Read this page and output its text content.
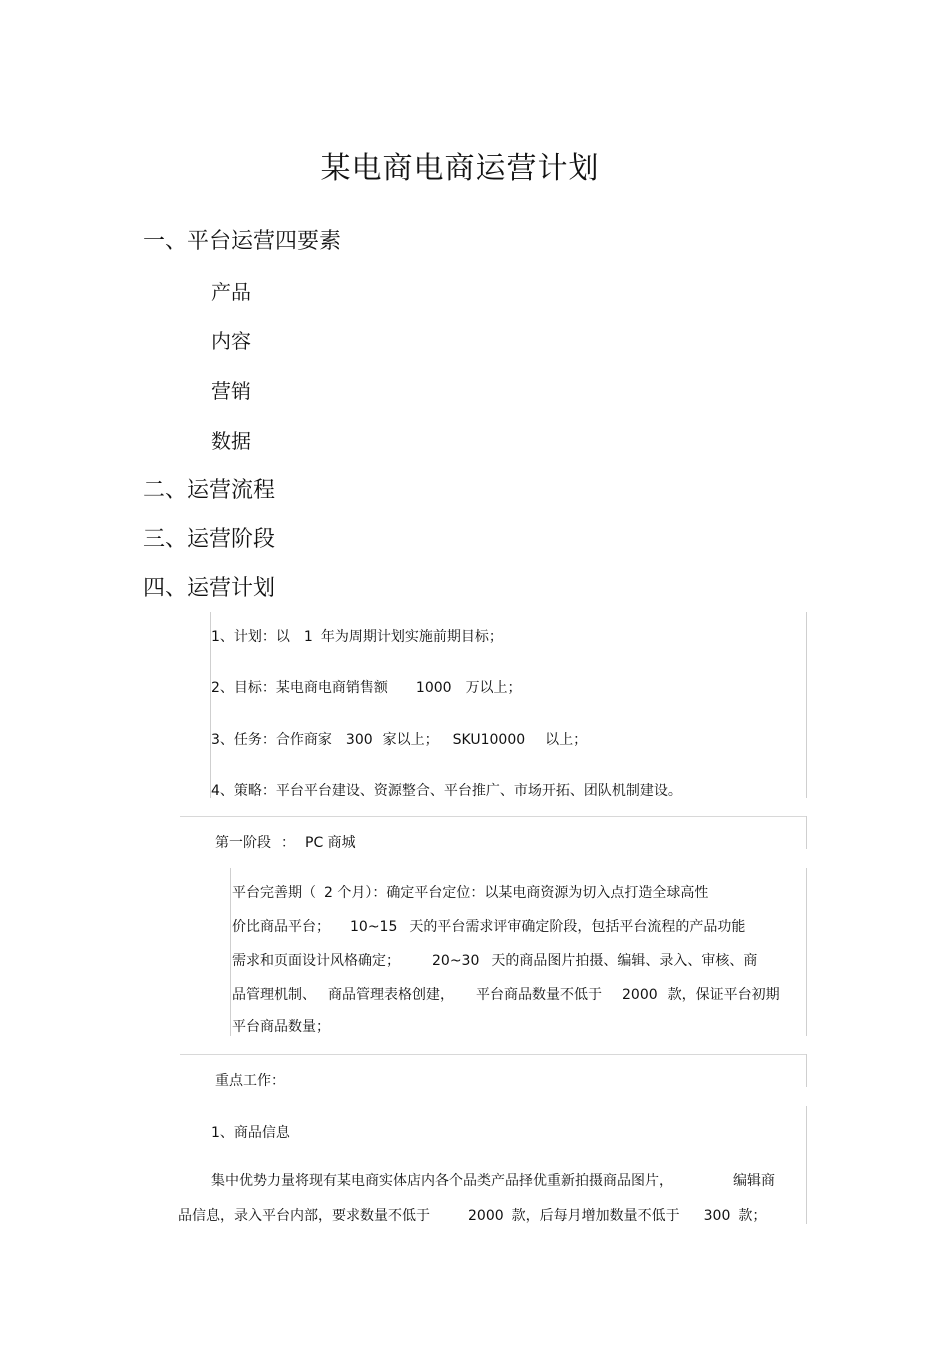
某电商电商运营计划
一、平台运营四要素
产品
内容
营销
数据
二、运营流程
三、运营阶段
四、运营计划
1、计划：以 1 年为周期计划实施前期目标；
2、目标：某电商电商销售额 1000 万以上；
3、任务：合作商家 300 家以上； SKU10000 以上；
4、策略：平台平台建设、资源整合、平台推广、市场开拓、团队机制建设。
第一阶段 ： PC 商城
平台完善期（ 2 个月）：确定平台定位：以某电商资源为切入点打造全球高性
价比商品平台； 10~15 天的平台需求评审确定阶段，包括平台流程的产品功能
需求和页面设计风格确定； 20~30 天的商品图片拍摄、编辑、录入、审核、商
品管理机制、 商品管理表格创建， 平台商品数量不低于 2000 款，保证平台初期
平台商品数量；
重点工作：
1、商品信息
集中优势力量将现有某电商实体店内各个品类产品择优重新拍摄商品图片，	编辑商
品信息，录入平台内部，要求数量不低于	2000 款，后每月增加数量不低于 300 款；
